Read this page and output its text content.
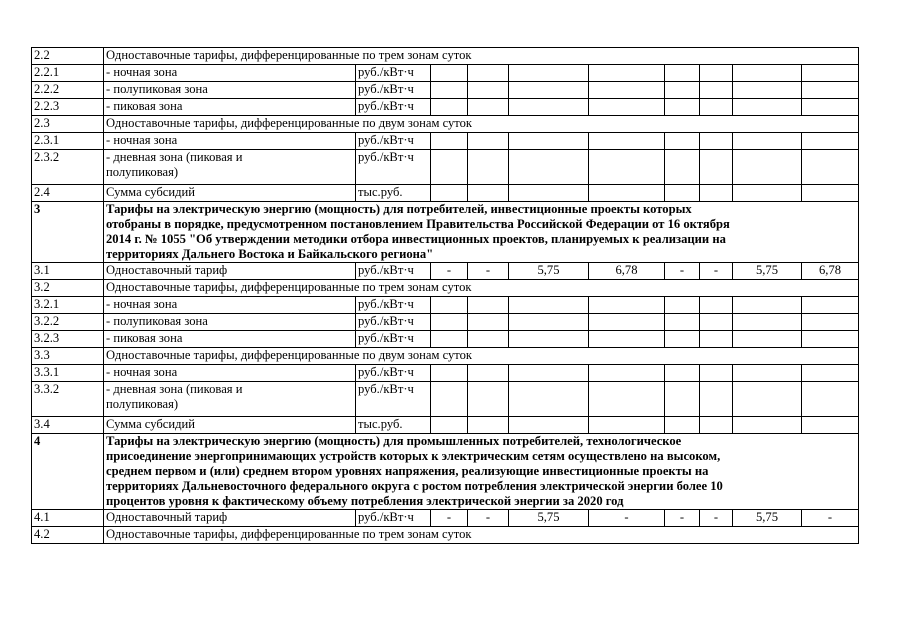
2.2	Одноставочные тарифы, дифференцированные по трем зонам суток									
2.2.1	- ночная зона	руб./кВт·ч								
2.2.2	- полупиковая зона	руб./кВт·ч								
2.2.3	- пиковая зона	руб./кВт·ч								
2.3	Одноставочные тарифы, дифференцированные по двум зонам суток									
2.3.1	- ночная зона	руб./кВт·ч								
2.3.2	- дневная зона (пиковая и
полупиковая)	руб./кВт·ч								
2.4	Сумма субсидий	тыс.руб.								
3	Тарифы на электрическую энергию (мощность) для потребителей, инвестиционные проекты которых
отобраны в порядке, предусмотренном постановлением Правительства Российской Федерации от 16 октября
2014 г. № 1055 "Об утверждении методики отбора инвестиционных проектов, планируемых к реализации на
территориях Дальнего Востока и Байкальского региона"									

3.1	Одноставочный тариф	руб./кВт·ч	-	-	5,75	6,78	-	-	5,75	6,78
3.2	Одноставочные тарифы, дифференцированные по трем зонам суток									
3.2.1	- ночная зона	руб./кВт·ч								
3.2.2	- полупиковая зона	руб./кВт·ч								
3.2.3	- пиковая зона	руб./кВт·ч								
3.3	Одноставочные тарифы, дифференцированные по двум зонам суток									
3.3.1	- ночная зона	руб./кВт·ч								
3.3.2	- дневная зона (пиковая и
полупиковая)	руб./кВт·ч								
3.4	Сумма субсидий	тыс.руб.								
4	Тарифы на электрическую энергию (мощность) для промышленных потребителей, технологическое
присоединение энергопринимающих устройств которых к электрическим сетям осуществлено на высоком,
среднем первом и (или) среднем втором уровнях напряжения, реализующие инвестиционные проекты на
территориях Дальневосточного федерального округа с ростом потребления электрической энергии более 10
процентов уровня к фактическому объему потребления электрической энергии за 2020 год									

4.1	Одноставочный тариф	руб./кВт·ч	-	-	5,75	-	-	-	5,75	-
4.2	Одноставочные тарифы, дифференцированные по трем зонам суток									
